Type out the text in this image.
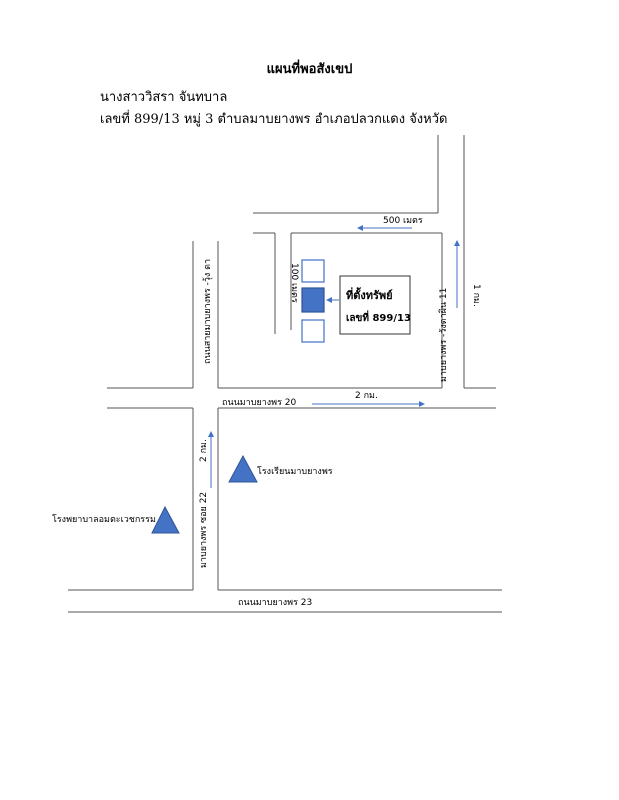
แผนที่พอสังเขป
นางสาววิสรา จันทบาล
เลขที่ 899/13 หมู่ 3 ตำบลมาบยางพร อำเภอปลวกแดง จังหวัด
ที่ตั้งทรัพย์
เลขที่ 899/13
500 เมตร
100 เมตร	1 กม.
มาบยางพร -วังตาผิน 11
ถนนสายมาบยางพร -วุ้ง ตา
ถนนมาบยางพร 20
2 กม.
มาบยางพร ซอย 22
2 กม.
ถนนมาบยางพร 23
โรงเรียนมาบยางพร
โรงพยาบาลอมตะเวชกรรม
